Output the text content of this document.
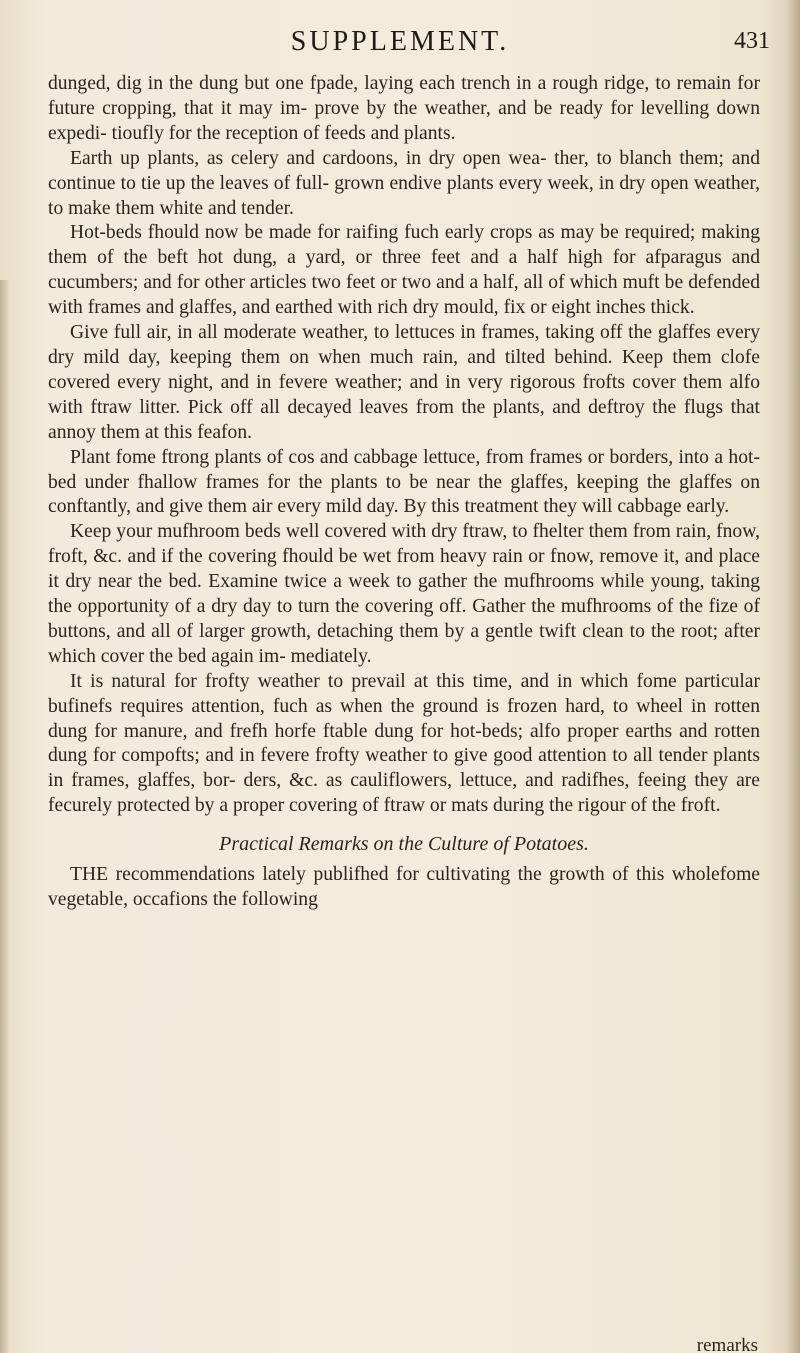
SUPPLEMENT.	431

dunged, dig in the dung but one fpade, laying each trench in a rough ridge, to remain for future cropping, that it may im- prove by the weather, and be ready for levelling down expedi- tioufly for the reception of feeds and plants.

Earth up plants, as celery and cardoons, in dry open wea- ther, to blanch them; and continue to tie up the leaves of full- grown endive plants every week, in dry open weather, to make them white and tender.

Hot-beds fhould now be made for raifing fuch early crops as may be required; making them of the beft hot dung, a yard, or three feet and a half high for afparagus and cucumbers; and for other articles two feet or two and a half, all of which muft be defended with frames and glaffes, and earthed with rich dry mould, fix or eight inches thick.

Give full air, in all moderate weather, to lettuces in frames, taking off the glaffes every dry mild day, keeping them on when much rain, and tilted behind. Keep them clofe covered every night, and in fevere weather; and in very rigorous frofts cover them alfo with ftraw litter. Pick off all decayed leaves from the plants, and deftroy the flugs that annoy them at this feafon.

Plant fome ftrong plants of cos and cabbage lettuce, from frames or borders, into a hot-bed under fhallow frames for the plants to be near the glaffes, keeping the glaffes on conftantly, and give them air every mild day. By this treatment they will cabbage early.

Keep your mufhroom beds well covered with dry ftraw, to fhelter them from rain, fnow, froft, &c. and if the covering fhould be wet from heavy rain or fnow, remove it, and place it dry near the bed. Examine twice a week to gather the mufhrooms while young, taking the opportunity of a dry day to turn the covering off. Gather the mufhrooms of the fize of buttons, and all of larger growth, detaching them by a gentle twift clean to the root; after which cover the bed again im- mediately.

It is natural for frofty weather to prevail at this time, and in which fome particular bufinefs requires attention, fuch as when the ground is frozen hard, to wheel in rotten dung for manure, and frefh horfe ftable dung for hot-beds; alfo proper earths and rotten dung for compofts; and in fevere frofty weather to give good attention to all tender plants in frames, glaffes, bor- ders, &c. as cauliflowers, lettuce, and radifhes, feeing they are fecurely protected by a proper covering of ftraw or mats during the rigour of the froft.

Practical Remarks on the Culture of Potatoes.

THE recommendations lately publifhed for cultivating the growth of this wholefome vegetable, occafions the following

remarks
